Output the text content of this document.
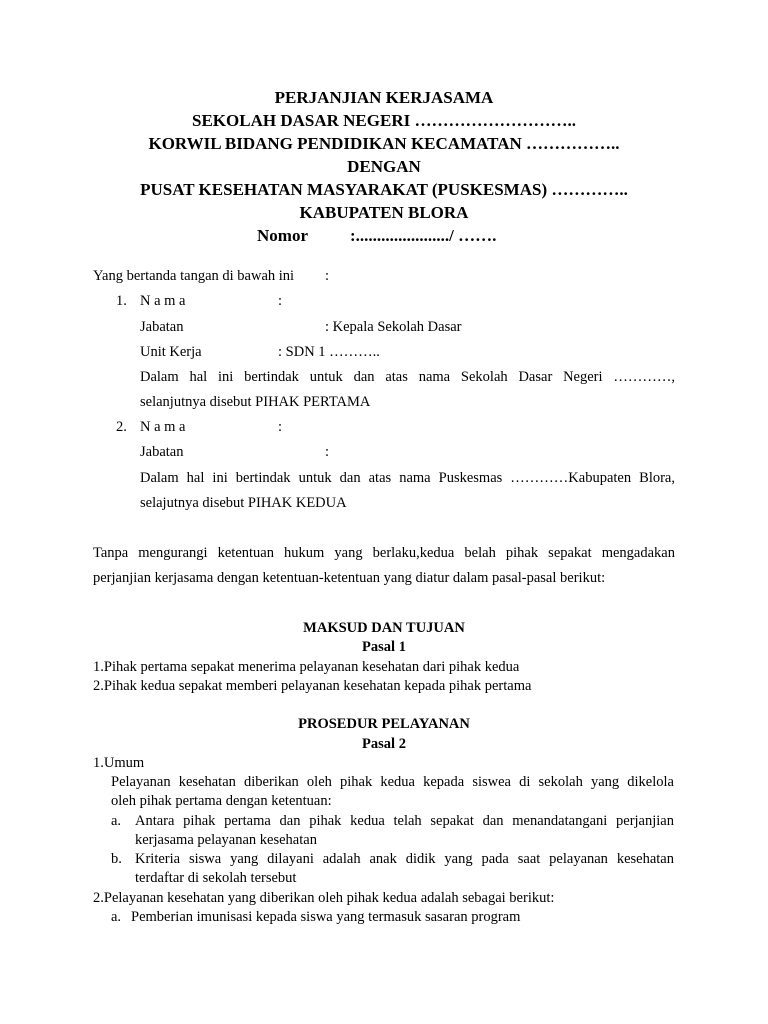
PERJANJIAN KERJASAMA
SEKOLAH DASAR NEGERI ………………………..
KORWIL BIDANG PENDIDIKAN KECAMATAN ……………..
DENGAN
PUSAT KESEHATAN MASYARAKAT (PUSKESMAS) …………..
KABUPATEN BLORA
Nomor :....................../ …….
Yang bertanda tangan di bawah ini :
1. N a m a	:
Jabatan	: Kepala Sekolah Dasar
Unit Kerja	: SDN 1 ………..
Dalam hal ini bertindak untuk dan atas nama Sekolah Dasar Negeri …………,
selanjutnya disebut PIHAK PERTAMA
2. N a m a	:
Jabatan	:
Dalam hal ini bertindak untuk dan atas nama Puskesmas …………Kabupaten Blora,
selajutnya disebut PIHAK KEDUA
Tanpa mengurangi ketentuan hukum yang berlaku,kedua belah pihak sepakat mengadakan
perjanjian kerjasama dengan ketentuan-ketentuan yang diatur dalam pasal-pasal berikut:
MAKSUD DAN TUJUAN
Pasal 1
1.Pihak pertama sepakat menerima pelayanan kesehatan dari pihak kedua
2.Pihak kedua sepakat memberi pelayanan kesehatan kepada pihak pertama
PROSEDUR PELAYANAN
Pasal 2
1.Umum
Pelayanan kesehatan diberikan oleh pihak kedua kepada siswea di sekolah yang dikelola
oleh pihak pertama dengan ketentuan:
a. Antara pihak pertama dan pihak kedua telah sepakat dan menandatangani perjanjian
kerjasama pelayanan kesehatan
b. Kriteria siswa yang dilayani adalah anak didik yang pada saat pelayanan kesehatan
terdaftar di sekolah tersebut
2.Pelayanan kesehatan yang diberikan oleh pihak kedua adalah sebagai berikut:
a. Pemberian imunisasi kepada siswa yang termasuk sasaran program
